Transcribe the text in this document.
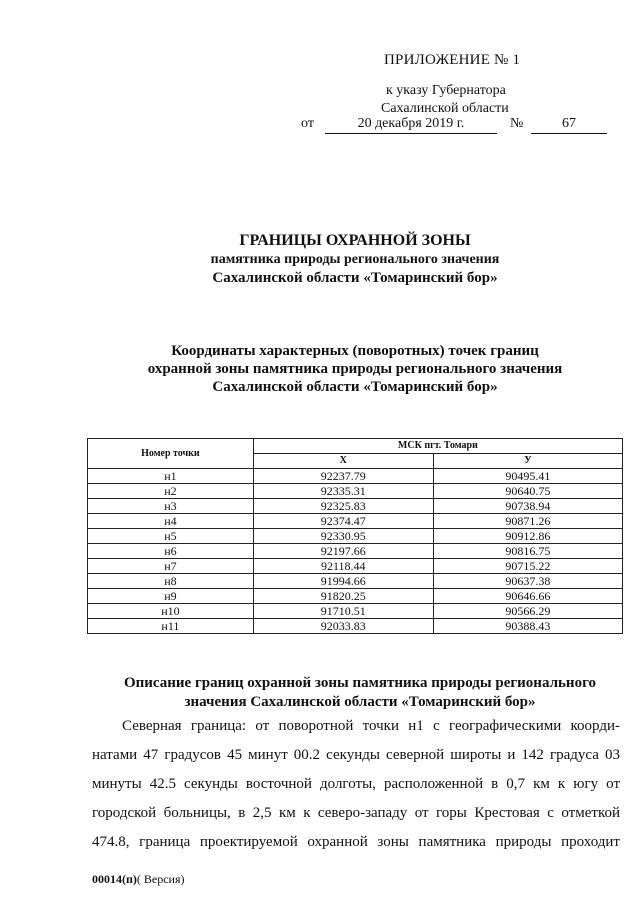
ПРИЛОЖЕНИЕ № 1
к указу Губернатора
Сахалинской области
от	20 декабря 2019 г.	№	67
ГРАНИЦЫ ОХРАННОЙ ЗОНЫ
памятника природы регионального значения
Сахалинской области «Томаринский бор»
Координаты характерных (поворотных) точек границ
охранной зоны памятника природы регионального значения
Сахалинской области «Томаринский бор»
Номер точки	МСК пгт. Томари	
	X	У
н1	92237.79	90495.41
н2	92335.31	90640.75
н3	92325.83	90738.94
н4	92374.47	90871.26
н5	92330.95	90912.86
н6	92197.66	90816.75
н7	92118.44	90715.22
н8	91994.66	90637.38
н9	91820.25	90646.66
н10	91710.51	90566.29
н11	92033.83	90388.43
Описание границ охранной зоны памятника природы регионального
значения Сахалинской области «Томаринский бор»
Северная граница: от поворотной точки н1 с географическими коорди-
натами 47 градусов 45 минут 00.2 секунды северной широты и 142 градуса 03
минуты 42.5 секунды восточной долготы, расположенной в 0,7 км к югу от
городской больницы, в 2,5 км к северо-западу от горы Крестовая с отметкой
474.8, граница проектируемой охранной зоны памятника природы проходит
00014(п)( Версия)
